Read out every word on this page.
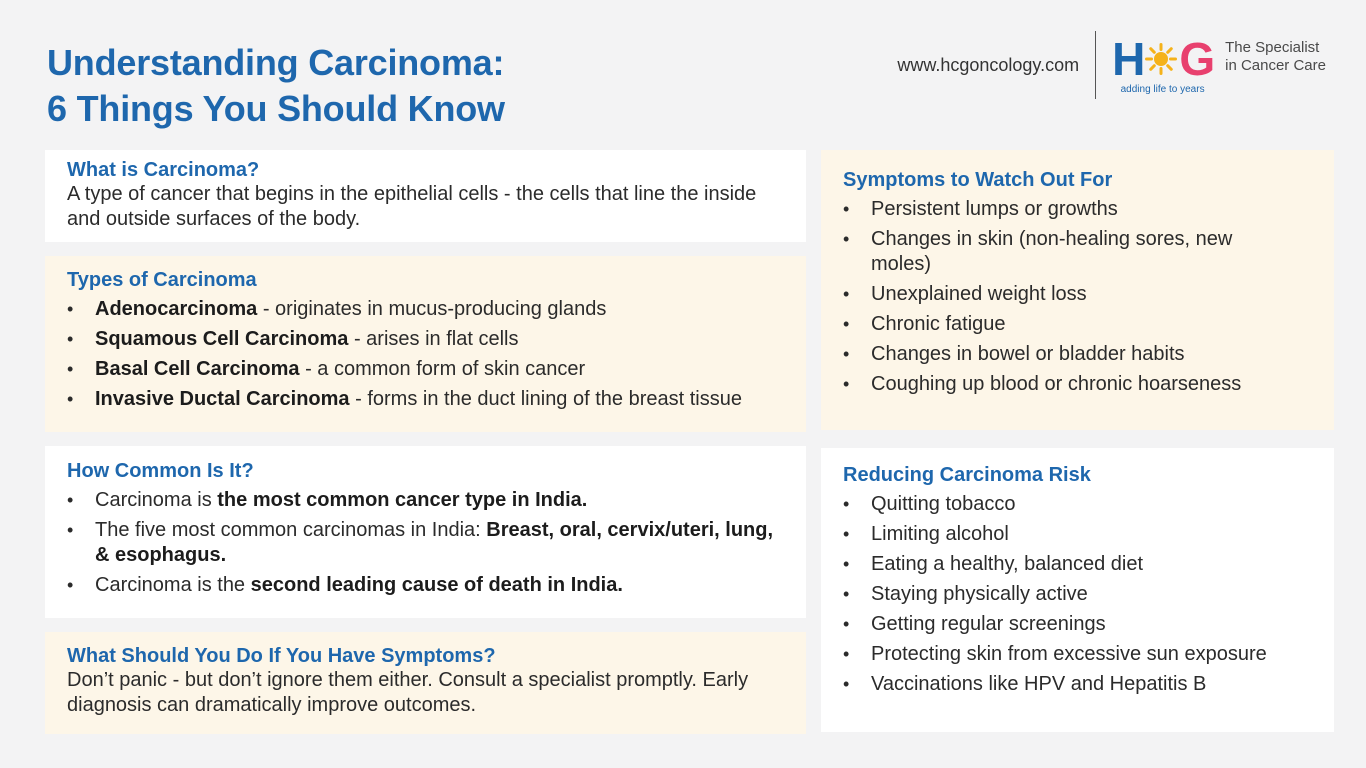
Understanding Carcinoma:
6 Things You Should Know
www.hcgoncology.com H G
adding life to years
The Specialist
in Cancer Care
What is Carcinoma?

A type of cancer that begins in the epithelial cells - the cells that line the inside and outside surfaces of the body.

Types of Carcinoma
• Adenocarcinoma - originates in mucus-producing glands
• Squamous Cell Carcinoma - arises in flat cells
• Basal Cell Carcinoma - a common form of skin cancer
• Invasive Ductal Carcinoma - forms in the duct lining of the breast tissue
How Common Is It?
• Carcinoma is the most common cancer type in India.
• The five most common carcinomas in India: Breast, oral, cervix/uteri, lung, & esophagus.
• Carcinoma is the second leading cause of death in India.
What Should You Do If You Have Symptoms?

Don’t panic - but don’t ignore them either. Consult a specialist promptly. Early diagnosis can dramatically improve outcomes.

Symptoms to Watch Out For
• Persistent lumps or growths
• Changes in skin (non-healing sores, new moles)
• Unexplained weight loss
• Chronic fatigue
• Changes in bowel or bladder habits
• Coughing up blood or chronic hoarseness
Reducing Carcinoma Risk
• Quitting tobacco
• Limiting alcohol
• Eating a healthy, balanced diet
• Staying physically active
• Getting regular screenings
• Protecting skin from excessive sun exposure
• Vaccinations like HPV and Hepatitis B
